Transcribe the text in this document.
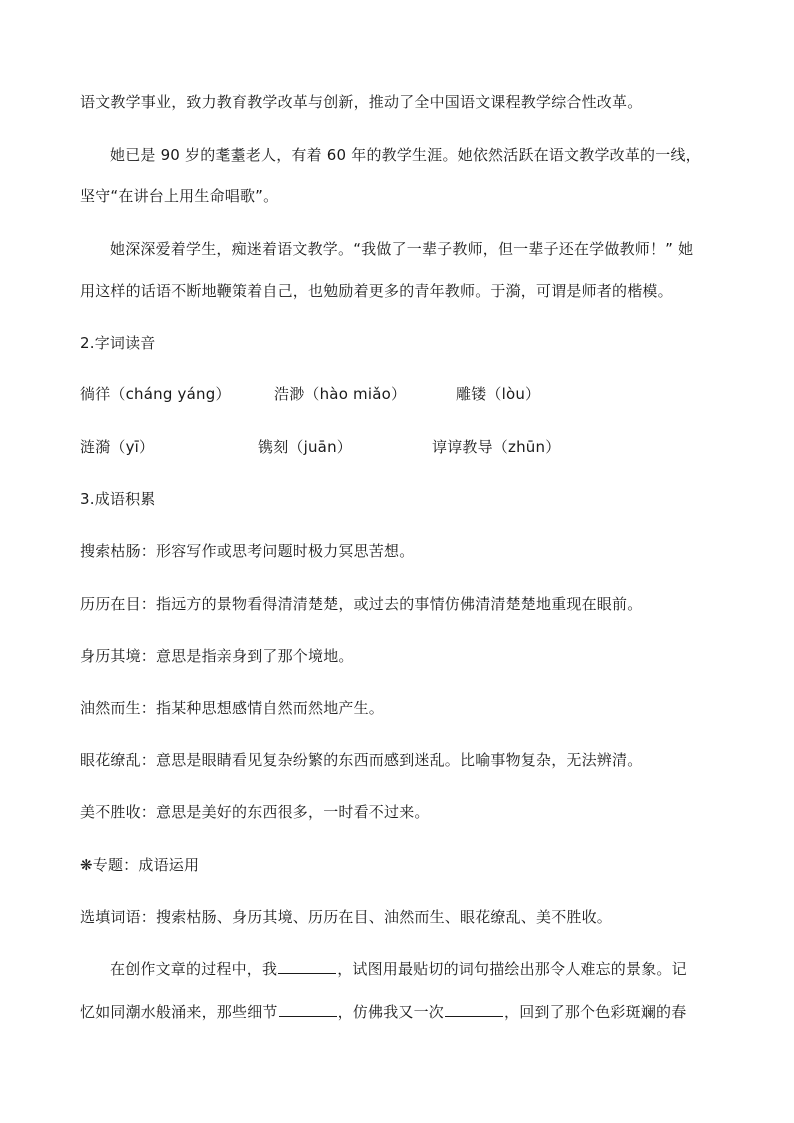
语文教学事业，致力教育教学改革与创新，推动了全中国语文课程教学综合性改革。
她已是 90 岁的耄耋老人，有着 60 年的教学生涯。她依然活跃在语文教学改革的一线，
坚守“在讲台上用生命唱歌”。
她深深爱着学生，痴迷着语文教学。“我做了一辈子教师，但一辈子还在学做教师！” 她
用这样的话语不断地鞭策着自己，也勉励着更多的青年教师。于漪，可谓是师者的楷模。
2.字词读音
徜徉（cháng yáng）	浩渺（hào miǎo）	雕镂（lòu）
涟漪（yī）	镌刻（juān）	谆谆教导（zhūn）
3.成语积累
搜索枯肠：形容写作或思考问题时极力冥思苦想。
历历在目：指远方的景物看得清清楚楚，或过去的事情仿佛清清楚楚地重现在眼前。
身历其境：意思是指亲身到了那个境地。
油然而生：指某种思想感情自然而然地产生。
眼花缭乱：意思是眼睛看见复杂纷繁的东西而感到迷乱。比喻事物复杂，无法辨清。
美不胜收：意思是美好的东西很多，一时看不过来。
❋专题：成语运用
选填词语：搜索枯肠、身历其境、历历在目、油然而生、眼花缭乱、美不胜收。
在创作文章的过程中，我	，试图用最贴切的词句描绘出那令人难忘的景象。记
忆如同潮水般涌来，那些细节	，仿佛我又一次	，回到了那个色彩斑斓的春
